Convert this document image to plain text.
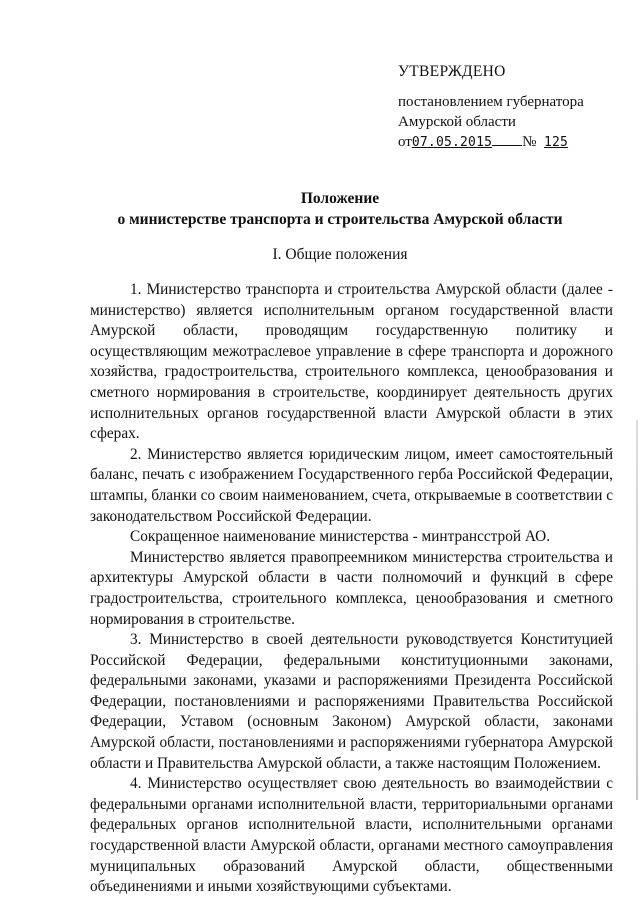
УТВЕРЖДЕНО
постановлением губернатора
Амурской области
от07.05.2015 № 125
Положение
о министерстве транспорта и строительства Амурской области
I. Общие положения

1. Министерство транспорта и строительства Амурской области (далее - министерство) является исполнительным органом государственной власти Амурской области, проводящим государственную политику и осуществляющим межотраслевое управление в сфере транспорта и дорожного хозяйства, градостроительства, строительного комплекса, ценообразования и сметного нормирования в строительстве, координирует деятельность других исполнительных органов государственной власти Амурской области в этих сферах.

2. Министерство является юридическим лицом, имеет самостоятельный баланс, печать с изображением Государственного герба Российской Федерации, штампы, бланки со своим наименованием, счета, открываемые в соответствии с законодательством Российской Федерации.

Сокращенное наименование министерства - минтрансстрой АО.

Министерство является правопреемником министерства строительства и архитектуры Амурской области в части полномочий и функций в сфере градостроительства, строительного комплекса, ценообразования и сметного нормирования в строительстве.

3. Министерство в своей деятельности руководствуется Конституцией Российской Федерации, федеральными конституционными законами, федеральными законами, указами и распоряжениями Президента Российской Федерации, постановлениями и распоряжениями Правительства Российской Федерации, Уставом (основным Законом) Амурской области, законами Амурской области, постановлениями и распоряжениями губернатора Амурской области и Правительства Амурской области, а также настоящим Положением.

4. Министерство осуществляет свою деятельность во взаимодействии с федеральными органами исполнительной власти, территориальными органами федеральных органов исполнительной власти, исполнительными органами государственной власти Амурской области, органами местного самоуправления муниципальных образований Амурской области, общественными объединениями и иными хозяйствующими субъектами.
